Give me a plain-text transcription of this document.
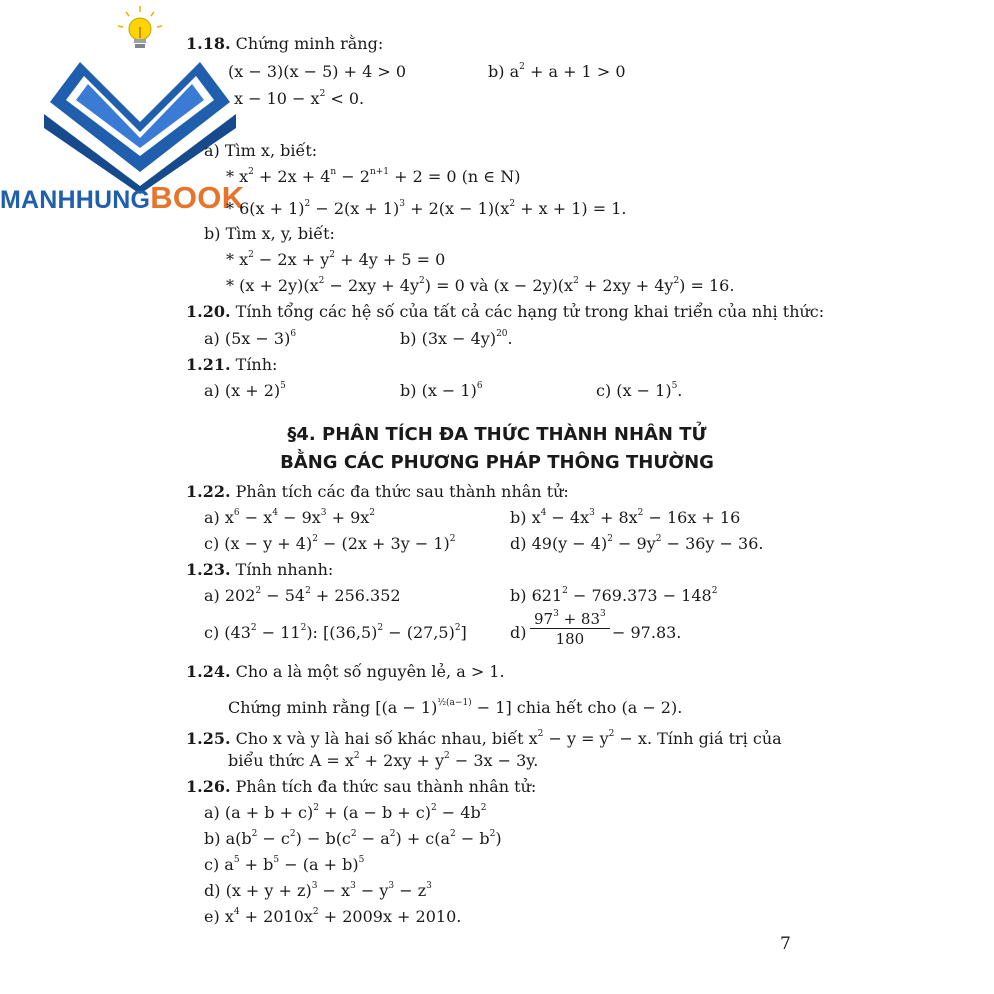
MANHHUNGBOOK
1.18. Chứng minh rằng:
(x − 3)(x − 5) + 4 > 0	b) $a^2 + a + 1 > 0$
$x - 10 - x^2 < 0$.
a) Tìm x, biết:
* $x^2 + 2x + 4^n - 2^{n+1} + 2 = 0$ (n ∈ N)
* $6(x + 1)^2 - 2(x + 1)^3 + 2(x - 1)(x^2 + x + 1) = 1$.
b) Tìm x, y, biết:
* $x^2 - 2x + y^2 + 4y + 5 = 0$
* $(x + 2y)(x^2 - 2xy + 4y^2) = 0$ và $(x - 2y)(x^2 + 2xy + 4y^2) = 16$.
1.20. Tính tổng các hệ số của tất cả các hạng tử trong khai triển của nhị thức:
a) $(5x - 3)^6$	b) $(3x - 4y)^{20}$.
1.21. Tính:
a) $(x + 2)^5$	b) $(x - 1)^6$	c) $(x - 1)^5$.
§4. PHÂN TÍCH ĐA THỨC THÀNH NHÂN TỬ
BẰNG CÁC PHƯƠNG PHÁP THÔNG THƯỜNG
1.22. Phân tích các đa thức sau thành nhân tử:
a) $x^6 - x^4 - 9x^3 + 9x^2$	b) $x^4 - 4x^3 + 8x^2 - 16x + 16$
c) $(x - y + 4)^2 - (2x + 3y - 1)^2$	d) $49(y - 4)^2 - 9y^2 - 36y - 36$.
1.23. Tính nhanh:
a) $202^2 - 54^2 + 256.352$	b) $621^2 - 769.373 - 148^2$
c) $(43^2 - 11^2)$: $[(36,5)^2 - (27,5)^2]$	$d) \frac{97^3 + 83^3}{180} - 97.83$.
1.24. Cho a là một số nguyên lẻ, a > 1.
Chứng minh rằng $[(a - 1)^{\frac{1}{2}(a-1)} - 1]$ chia hết cho (a − 2).
1.25. Cho x và y là hai số khác nhau, biết $x^2 - y = y^2 - x$. Tính giá trị của
biểu thức $A = x^2 + 2xy + y^2 - 3x - 3y$.
1.26. Phân tích đa thức sau thành nhân tử:
a) $(a + b + c)^2 + (a - b + c)^2 - 4b^2$
b) $a(b^2 - c^2) - b(c^2 - a^2) + c(a^2 - b^2)$
c) $a^5 + b^5 - (a + b)^5$
d) $(x + y + z)^3 - x^3 - y^3 - z^3$
e) $x^4 + 2010x^2 + 2009x + 2010$.
7
